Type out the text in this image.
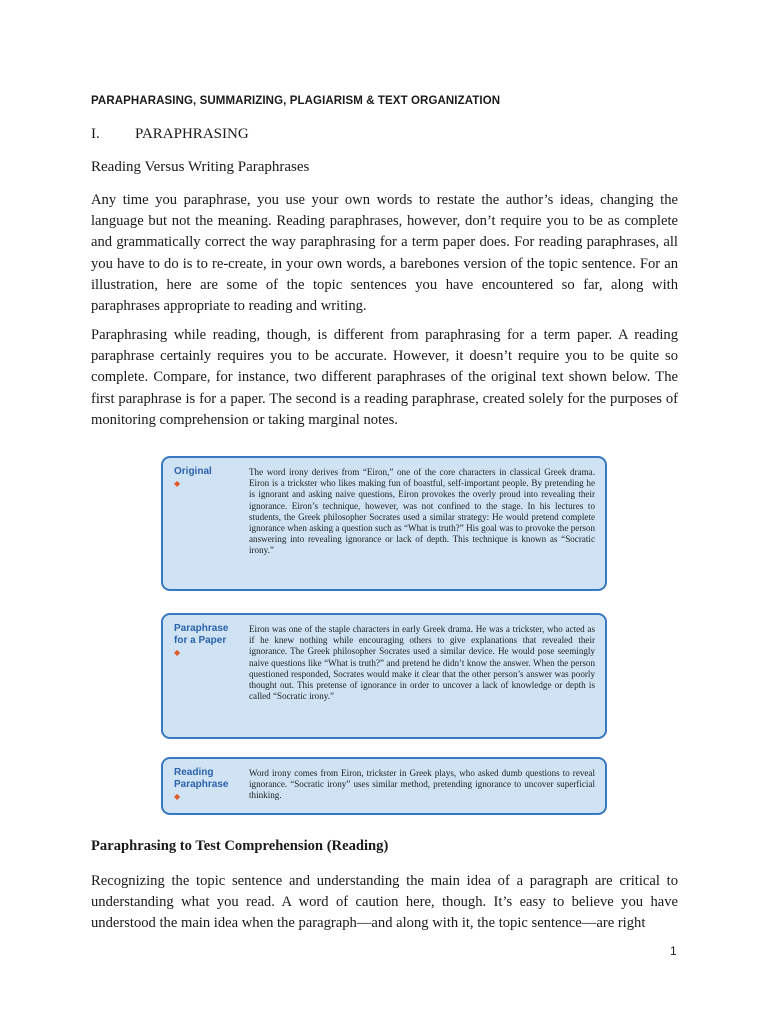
PARAPHARASING, SUMMARIZING, PLAGIARISM & TEXT ORGANIZATION
I. PARAPHRASING
Reading Versus Writing Paraphrases

Any time you paraphrase, you use your own words to restate the author’s ideas, changing the language but not the meaning. Reading paraphrases, however, don’t require you to be as complete and grammatically correct the way paraphrasing for a term paper does. For reading paraphrases, all you have to do is to re-create, in your own words, a barebones version of the topic sentence. For an illustration, here are some of the topic sentences you have encountered so far, along with paraphrases appropriate to reading and writing.

Paraphrasing while reading, though, is different from paraphrasing for a term paper. A reading paraphrase certainly requires you to be accurate. However, it doesn’t require you to be quite so complete. Compare, for instance, two different paraphrases of the original text shown below. The first paraphrase is for a paper. The second is a reading paraphrase, created solely for the purposes of monitoring comprehension or taking marginal notes.

Original
◆

The word irony derives from “Eiron,” one of the core characters in classical Greek drama. Eiron is a trickster who likes making fun of boastful, self-important people. By pretending he is ignorant and asking naive questions, Eiron provokes the overly proud into revealing their ignorance. Eiron’s technique, however, was not confined to the stage. In his lectures to students, the Greek philosopher Socrates used a similar strategy: He would pretend complete ignorance when asking a question such as “What is truth?” His goal was to provoke the person answering into revealing ignorance or lack of depth. This technique is known as “Socratic irony.”

Paraphrase for a Paper
◆

Eiron was one of the staple characters in early Greek drama. He was a trickster, who acted as if he knew nothing while encouraging others to give explanations that revealed their ignorance. The Greek philosopher Socrates used a similar device. He would pose seemingly naive questions like “What is truth?” and pretend he didn’t know the answer. When the person questioned responded, Socrates would make it clear that the other person’s answer was poorly thought out. This pretense of ignorance in order to uncover a lack of knowledge or depth is called “Socratic irony.”

Reading Paraphrase
◆

Word irony comes from Eiron, trickster in Greek plays, who asked dumb questions to reveal ignorance. “Socratic irony” uses similar method, pretending ignorance to uncover superficial thinking.

Paraphrasing to Test Comprehension (Reading)

Recognizing the topic sentence and understanding the main idea of a paragraph are critical to understanding what you read. A word of caution here, though. It’s easy to believe you have understood the main idea when the paragraph—and along with it, the topic sentence—are right

1
